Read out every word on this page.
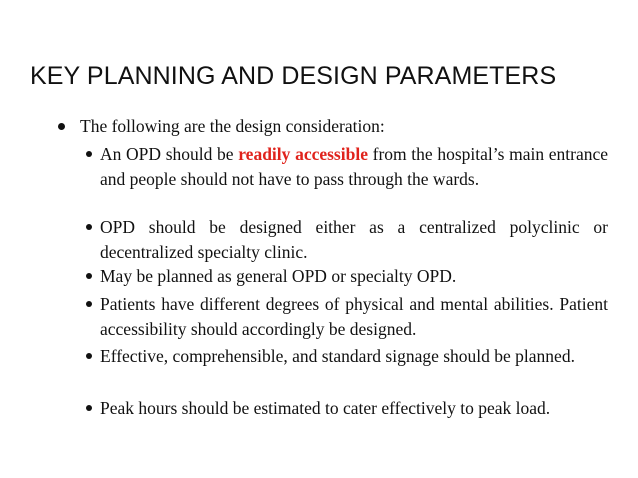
KEY PLANNING AND DESIGN PARAMETERS
The following are the design consideration:

An OPD should be readily accessible from the hospital’s main entrance and people should not have to pass through the wards.

OPD should be designed either as a centralized polyclinic or decentralized specialty clinic.

May be planned as general OPD or specialty OPD.

Patients have different degrees of physical and mental abilities. Patient accessibility should accordingly be designed.

Effective, comprehensible, and standard signage should be planned.

Peak hours should be estimated to cater effectively to peak load.
